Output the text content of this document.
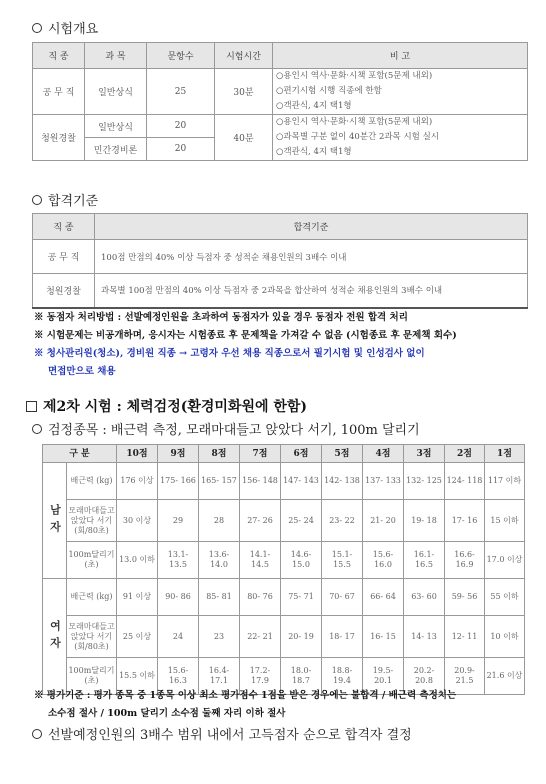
시험개요
직 종	과 목	문항수	시험시간	비 고
공 무 직	일반상식	25	30분	○용인시 역사·문화·시책 포함(5문제 내외)
○편기시험 시행 직종에 한함
○객관식, 4지 택1형

청원경찰	일반상식	20	40분	○용인시 역사·문화·시책 포함(5문제 내외)
○과목별 구분 없이 40분간 2과목 시험 실시
○객관식, 4지 택1형

	민간경비론	20		
합격기준
직 종	합격기준
공 무 직	100점 만점의 40% 이상 득점자 중 성적순 채용인원의 3배수 이내
청원경찰	과목별 100점 만점의 40% 이상 득점자 중 2과목을 합산하여 성적순 채용인원의 3배수 이내
※ 동점자 처리방법 : 선발예정인원을 초과하여 동점자가 있을 경우 동점자 전원 합격 처리
※ 시험문제는 비공개하며, 응시자는 시험종료 후 문제책을 가져갈 수 없음 (시험종료 후 문제책 회수)
※ 청사관리원(청소), 경비원 직종 → 고령자 우선 채용 직종으로서 필기시험 및 인성검사 없이
면접만으로 채용
제2차 시험 : 체력검정(환경미화원에 한함)
검정종목 : 배근력 측정, 모래마대들고 앉았다 서기, 100m 달리기
구 분		10점	9점	8점	7점	6점	5점	4점	3점	2점	1점
남자	배근력 (kg)	176 이상	175- 166	165- 157	156- 148	147- 143	142- 138	137- 133	132- 125	124- 118	117 이하
	모래마대들고 앉았다 서기 (회/80초)	30 이상	29	28	27- 26	25- 24	23- 22	21- 20	19- 18	17- 16	15 이하
	100m달리기 (초)	13.0 이하	13.1- 13.5	13.6- 14.0	14.1- 14.5	14.6- 15.0	15.1- 15.5	15.6- 16.0	16.1- 16.5	16.6- 16.9	17.0 이상
여자	배근력 (kg)	91 이상	90- 86	85- 81	80- 76	75- 71	70- 67	66- 64	63- 60	59- 56	55 이하
	모래마대들고 앉았다 서기 (회/80초)	25 이상	24	23	22- 21	20- 19	18- 17	16- 15	14- 13	12- 11	10 이하
	100m달리기 (초)	15.5 이하	15.6- 16.3	16.4- 17.1	17.2- 17.9	18.0- 18.7	18.8- 19.4	19.5- 20.1	20.2- 20.8	20.9- 21.5	21.6 이상
※ 평가기준 : 평가 종목 중 1종목 이상 최소 평가점수 1점을 받은 경우에는 불합격 / 배근력 측정치는
소수점 절사 / 100m 달리기 소수점 둘째 자리 이하 절사
선발예정인원의 3배수 범위 내에서 고득점자 순으로 합격자 결정
